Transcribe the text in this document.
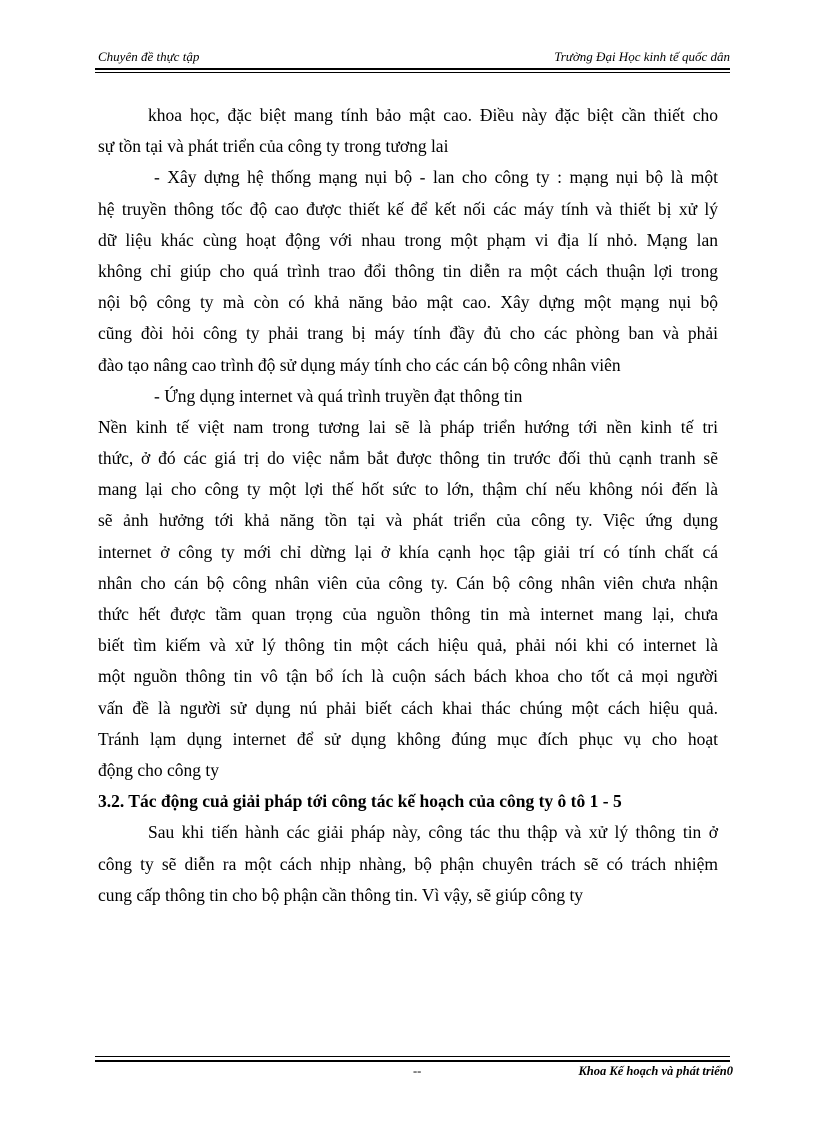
Chuyên đề thực tập	Trường Đại Học kinh tế quốc dân
khoa học, đặc biệt mang tính bảo mật cao. Điều này đặc biệt cần thiết cho
sự tồn tại và phát triển của công ty trong tương lai
- Xây dựng hệ thống mạng nụi bộ - lan cho công ty : mạng nụi bộ là một
hệ truyền thông tốc độ cao được thiết kế để kết nối các máy tính và thiết bị xử lý
dữ liệu khác cùng hoạt động với nhau trong một phạm vi địa lí nhỏ. Mạng lan
không chỉ giúp cho quá trình trao đổi thông tin diễn ra một cách thuận lợi trong
nội bộ công ty mà còn có khả năng bảo mật cao. Xây dựng một mạng nụi bộ
cũng đòi hỏi công ty phải trang bị máy tính đầy đủ cho các phòng ban và phải
đào tạo nâng cao trình độ sử dụng máy tính cho các cán bộ công nhân viên
- Ứng dụng internet và quá trình truyền đạt thông tin
Nền kinh tế việt nam trong tương lai sẽ là pháp triển hướng tới nền kinh tế tri
thức, ở đó các giá trị do việc nắm bắt được thông tin trước đối thủ cạnh tranh sẽ
mang lại cho công ty một lợi thế hốt sức to lớn, thậm chí nếu không nói đến là
sẽ ảnh hưởng tới khả năng tồn tại và phát triển của công ty. Việc ứng dụng
internet ở công ty mới chỉ dừng lại ở khía cạnh học tập giải trí có tính chất cá
nhân cho cán bộ công nhân viên của công ty. Cán bộ công nhân viên chưa nhận
thức hết được tầm quan trọng của nguồn thông tin mà internet mang lại, chưa
biết tìm kiếm và xử lý thông tin một cách hiệu quả, phải nói khi có internet là
một nguồn thông tin vô tận bổ ích là cuộn sách bách khoa cho tốt cả mọi người
vấn đề là người sử dụng nú phải biết cách khai thác chúng một cách hiệu quả.
Tránh lạm dụng internet để sử dụng không đúng mục đích phục vụ cho hoạt
động cho công ty
3.2. Tác động cuả giải pháp tới công tác kế hoạch của công ty ô tô 1 - 5
Sau khi tiến hành các giải pháp này, công tác thu thập và xử lý thông tin ở
công ty sẽ diễn ra một cách nhịp nhàng, bộ phận chuyên trách sẽ có trách nhiệm
cung cấp thông tin cho bộ phận cần thông tin. Vì vậy, sẽ giúp công ty
--	Khoa Kế hoạch và phát triển0
